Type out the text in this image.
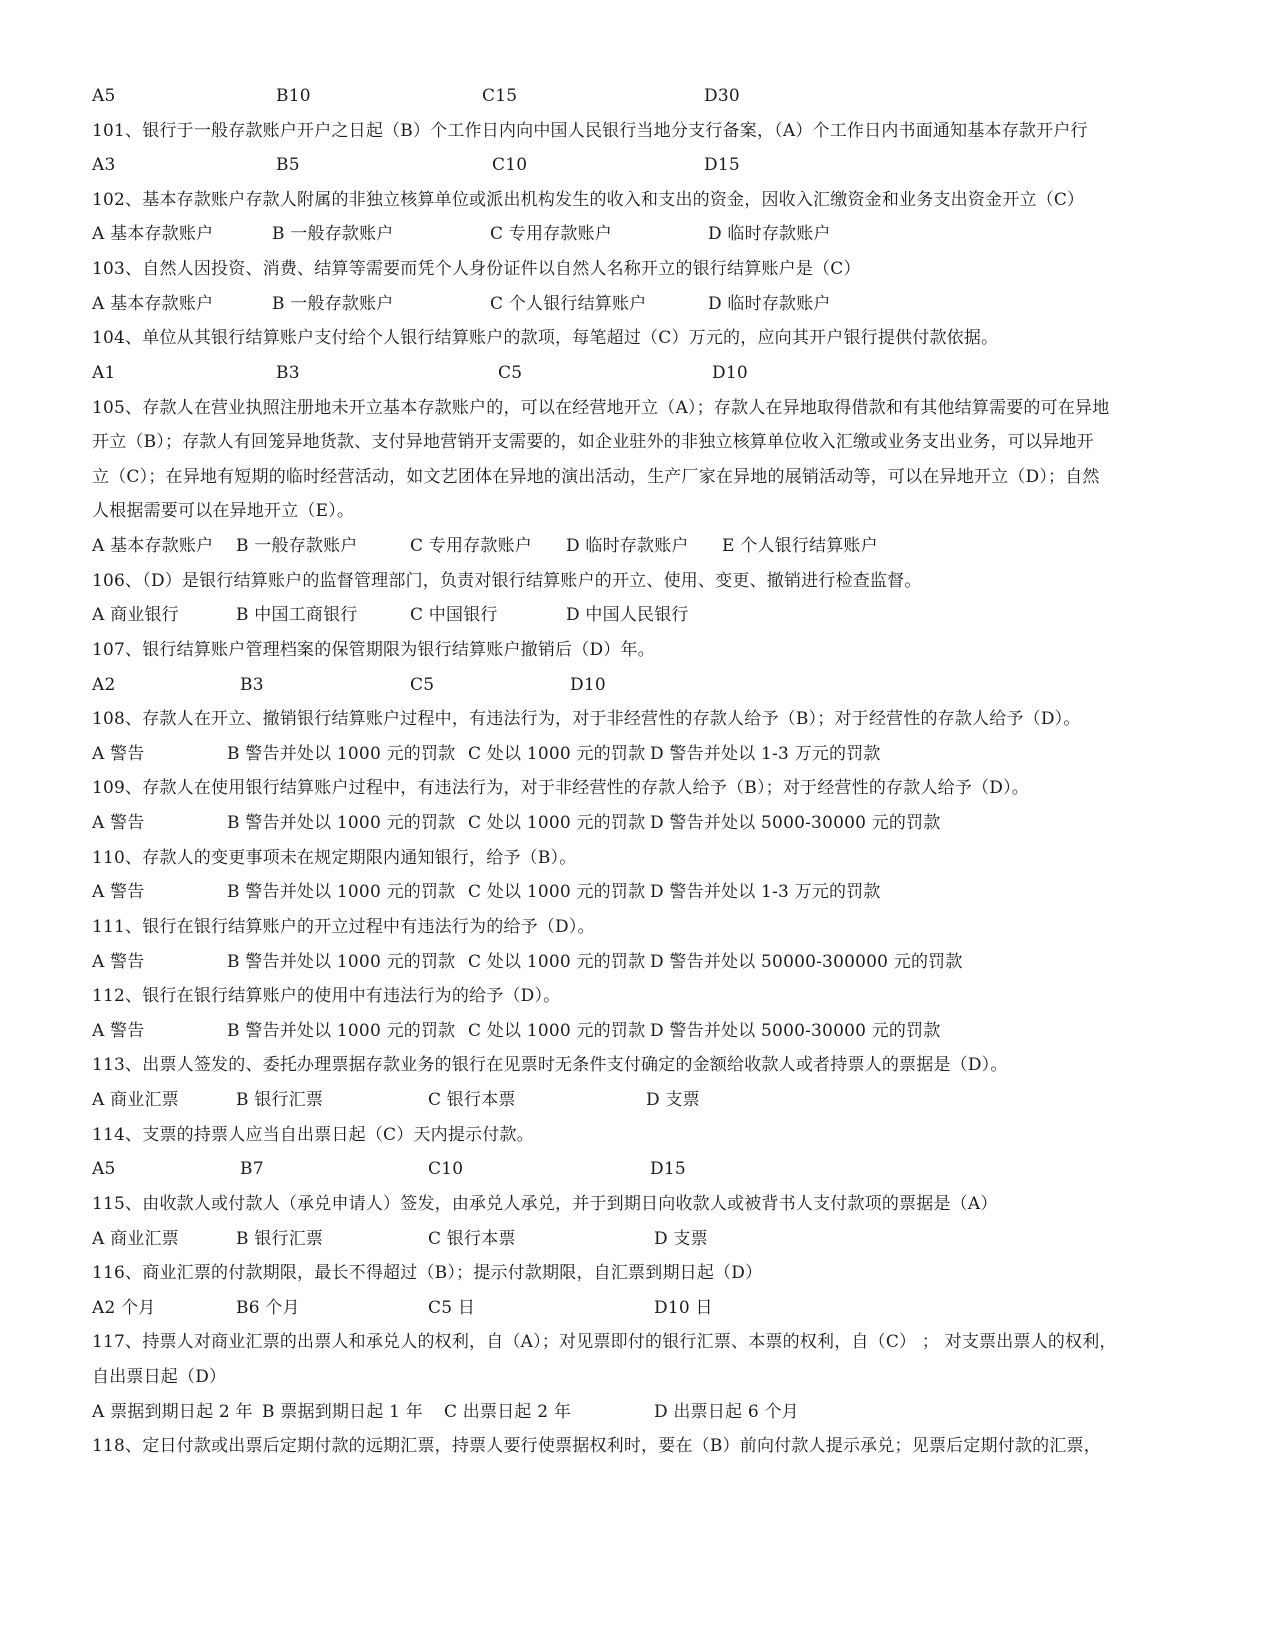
A5	B10	C15	D30
101、银行于一般存款账户开户之日起（B）个工作日内向中国人民银行当地分支行备案，（A）个工作日内书面通知基本存款开户行
A3	B5	C10	D15
102、基本存款账户存款人附属的非独立核算单位或派出机构发生的收入和支出的资金，因收入汇缴资金和业务支出资金开立（C）
A 基本存款账户	B 一般存款账户	C 专用存款账户	D 临时存款账户
103、自然人因投资、消费、结算等需要而凭个人身份证件以自然人名称开立的银行结算账户是（C）
A 基本存款账户	B 一般存款账户	C 个人银行结算账户	D 临时存款账户
104、单位从其银行结算账户支付给个人银行结算账户的款项，每笔超过（C）万元的，应向其开户银行提供付款依据。
A1	B3	C5	D10
105、存款人在营业执照注册地未开立基本存款账户的，可以在经营地开立（A）；存款人在异地取得借款和有其他结算需要的可在异地
开立（B）；存款人有回笼异地货款、支付异地营销开支需要的，如企业驻外的非独立核算单位收入汇缴或业务支出业务，可以异地开
立（C）；在异地有短期的临时经营活动，如文艺团体在异地的演出活动，生产厂家在异地的展销活动等，可以在异地开立（D）；自然
人根据需要可以在异地开立（E）。
A 基本存款账户 B 一般存款账户	C 专用存款账户 D 临时存款账户 E 个人银行结算账户
106、（D）是银行结算账户的监督管理部门，负责对银行结算账户的开立、使用、变更、撤销进行检查监督。
A 商业银行	B 中国工商银行	C 中国银行	D 中国人民银行
107、银行结算账户管理档案的保管期限为银行结算账户撤销后（D）年。
A2	B3	C5	D10
108、存款人在开立、撤销银行结算账户过程中，有违法行为，对于非经营性的存款人给予（B）；对于经营性的存款人给予（D）。
A 警告	B 警告并处以 1000 元的罚款 C 处以 1000 元的罚款 D 警告并处以 1-3 万元的罚款
109、存款人在使用银行结算账户过程中，有违法行为，对于非经营性的存款人给予（B）；对于经营性的存款人给予（D）。
A 警告	B 警告并处以 1000 元的罚款 C 处以 1000 元的罚款 D 警告并处以 5000-30000 元的罚款
110、存款人的变更事项未在规定期限内通知银行，给予（B）。
A 警告	B 警告并处以 1000 元的罚款 C 处以 1000 元的罚款 D 警告并处以 1-3 万元的罚款
111、银行在银行结算账户的开立过程中有违法行为的给予（D）。
A 警告	B 警告并处以 1000 元的罚款 C 处以 1000 元的罚款 D 警告并处以 50000-300000 元的罚款
112、银行在银行结算账户的使用中有违法行为的给予（D）。
A 警告	B 警告并处以 1000 元的罚款 C 处以 1000 元的罚款 D 警告并处以 5000-30000 元的罚款
113、出票人签发的、委托办理票据存款业务的银行在见票时无条件支付确定的金额给收款人或者持票人的票据是（D）。
A 商业汇票	B 银行汇票	C 银行本票	D 支票
114、支票的持票人应当自出票日起（C）天内提示付款。
A5	B7	C10	D15
115、由收款人或付款人（承兑申请人）签发，由承兑人承兑，并于到期日向收款人或被背书人支付款项的票据是（A）
A 商业汇票	B 银行汇票	C 银行本票	D 支票
116、商业汇票的付款期限，最长不得超过（B）；提示付款期限，自汇票到期日起（D）
A2 个月	B6 个月	C5 日	D10 日
117、持票人对商业汇票的出票人和承兑人的权利，自（A）；对见票即付的银行汇票、本票的权利，自（C） ； 对支票出票人的权利，
自出票日起（D）
A 票据到期日起 2 年 B 票据到期日起 1 年 C 出票日起 2 年	D 出票日起 6 个月
118、定日付款或出票后定期付款的远期汇票，持票人要行使票据权利时，要在（B）前向付款人提示承兑；见票后定期付款的汇票，
